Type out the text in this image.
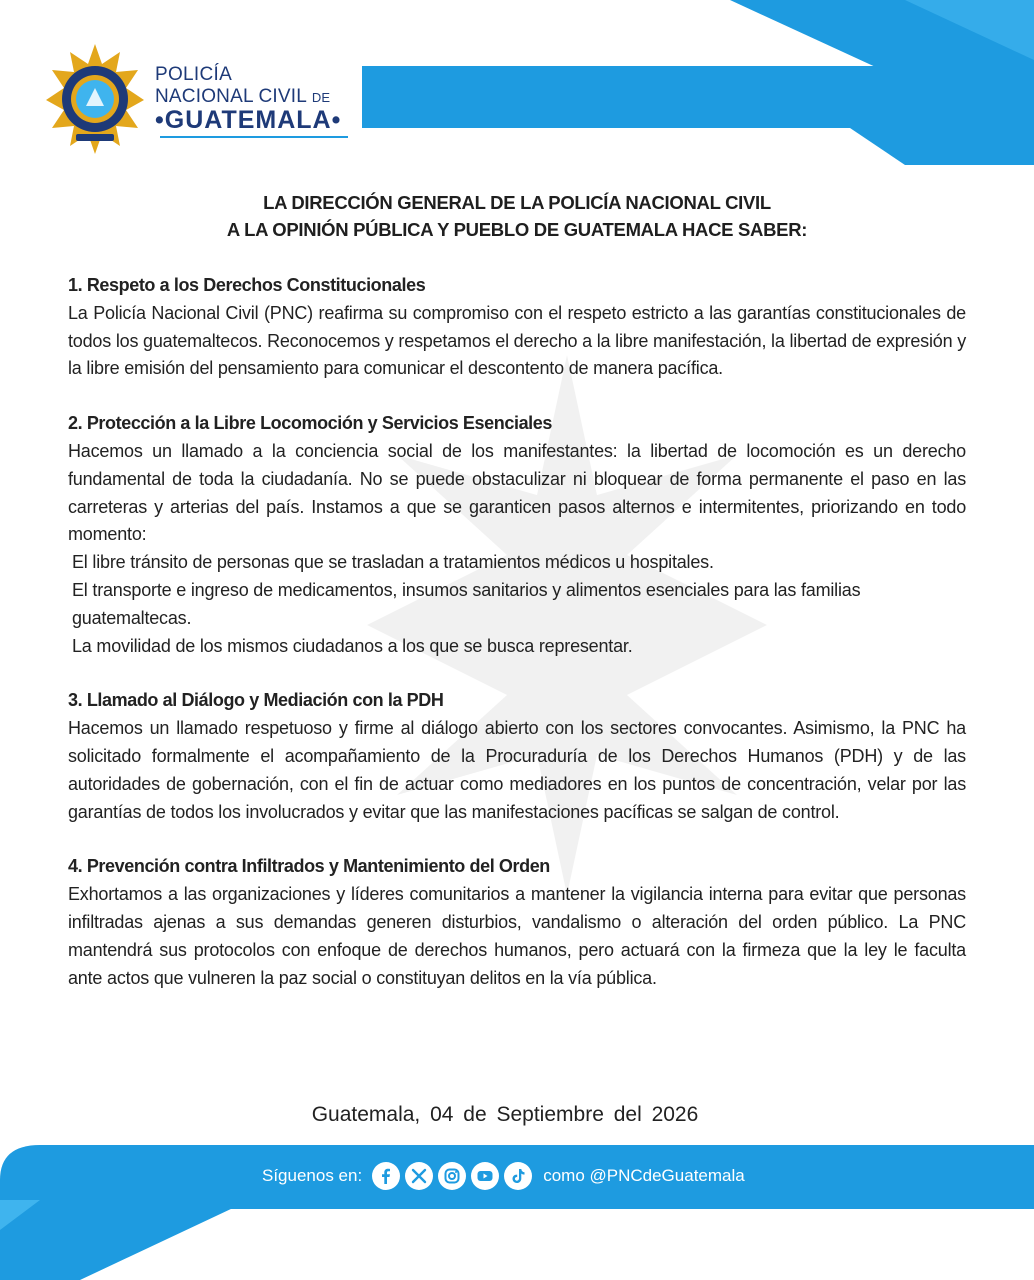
POLICÍA
NACIONAL CIVIL DE
•GUATEMALA•
LA DIRECCIÓN GENERAL DE LA POLICÍA NACIONAL CIVIL
A LA OPINIÓN PÚBLICA Y PUEBLO DE GUATEMALA HACE SABER:
1. Respeto a los Derechos Constitucionales
La Policía Nacional Civil (PNC) reafirma su compromiso con el respeto estricto a las garantías constitucionales de todos los guatemaltecos. Reconocemos y respetamos el derecho a la libre manifestación, la libertad de expresión y la libre emisión del pensamiento para comunicar el descontento de manera pacífica.
2. Protección a la Libre Locomoción y Servicios Esenciales
Hacemos un llamado a la conciencia social de los manifestantes: la libertad de locomoción es un derecho fundamental de toda la ciudadanía. No se puede obstaculizar ni bloquear de forma permanente el paso en las carreteras y arterias del país. Instamos a que se garanticen pasos alternos e intermitentes, priorizando en todo momento:
El libre tránsito de personas que se trasladan a tratamientos médicos u hospitales.
El transporte e ingreso de medicamentos, insumos sanitarios y alimentos esenciales para las familias guatemaltecas.
La movilidad de los mismos ciudadanos a los que se busca representar.
3. Llamado al Diálogo y Mediación con la PDH
Hacemos un llamado respetuoso y firme al diálogo abierto con los sectores convocantes. Asimismo, la PNC ha solicitado formalmente el acompañamiento de la Procuraduría de los Derechos Humanos (PDH) y de las autoridades de gobernación, con el fin de actuar como mediadores en los puntos de concentración, velar por las garantías de todos los involucrados y evitar que las manifestaciones pacíficas se salgan de control.
4. Prevención contra Infiltrados y Mantenimiento del Orden
Exhortamos a las organizaciones y líderes comunitarios a mantener la vigilancia interna para evitar que personas infiltradas ajenas a sus demandas generen disturbios, vandalismo o alteración del orden público. La PNC mantendrá sus protocolos con enfoque de derechos humanos, pero actuará con la firmeza que la ley le faculta ante actos que vulneren la paz social o constituyan delitos en la vía pública.
Guatemala, 04 de Septiembre del 2026
Síguenos en:	como @PNCdeGuatemala
